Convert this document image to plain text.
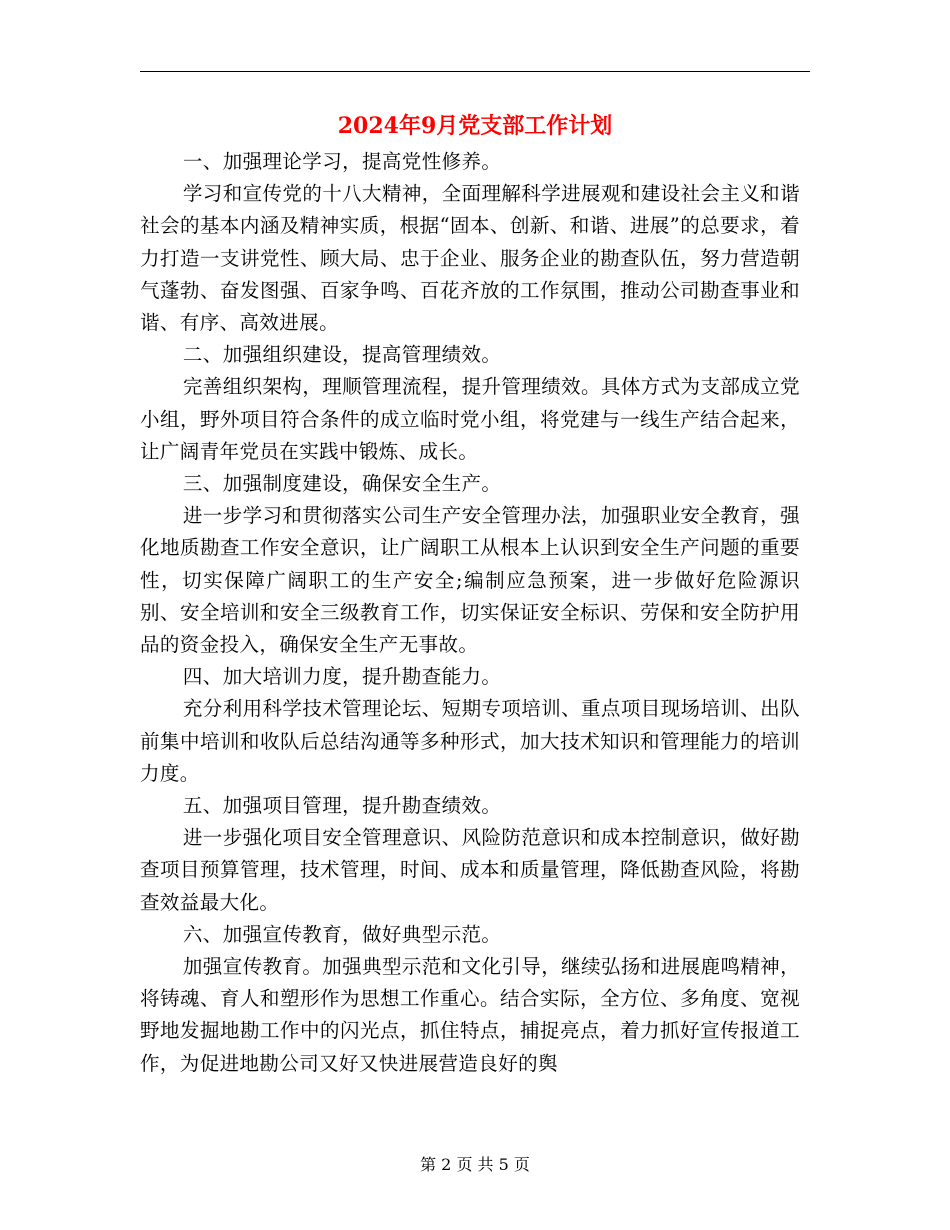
2024年9月党支部工作计划

一、加强理论学习，提高党性修养。

学习和宣传党的十八大精神，全面理解科学进展观和建设社会主义和谐社会的基本内涵及精神实质，根据“固本、创新、和谐、进展”的总要求，着力打造一支讲党性、顾大局、忠于企业、服务企业的勘查队伍，努力营造朝气蓬勃、奋发图强、百家争鸣、百花齐放的工作氛围，推动公司勘查事业和谐、有序、高效进展。

二、加强组织建设，提高管理绩效。

完善组织架构，理顺管理流程，提升管理绩效。具体方式为支部成立党小组，野外项目符合条件的成立临时党小组，将党建与一线生产结合起来，让广阔青年党员在实践中锻炼、成长。

三、加强制度建设，确保安全生产。

进一步学习和贯彻落实公司生产安全管理办法，加强职业安全教育，强化地质勘查工作安全意识，让广阔职工从根本上认识到安全生产问题的重要性，切实保障广阔职工的生产安全;编制应急预案，进一步做好危险源识别、安全培训和安全三级教育工作，切实保证安全标识、劳保和安全防护用品的资金投入，确保安全生产无事故。

四、加大培训力度，提升勘查能力。

充分利用科学技术管理论坛、短期专项培训、重点项目现场培训、出队前集中培训和收队后总结沟通等多种形式，加大技术知识和管理能力的培训力度。

五、加强项目管理，提升勘查绩效。

进一步强化项目安全管理意识、风险防范意识和成本控制意识，做好勘查项目预算管理，技术管理，时间、成本和质量管理，降低勘查风险，将勘查效益最大化。

六、加强宣传教育，做好典型示范。

加强宣传教育。加强典型示范和文化引导，继续弘扬和进展鹿鸣精神，将铸魂、育人和塑形作为思想工作重心。结合实际，全方位、多角度、宽视野地发掘地勘工作中的闪光点，抓住特点，捕捉亮点，着力抓好宣传报道工作，为促进地勘公司又好又快进展营造良好的舆

第 2 页 共 5 页
